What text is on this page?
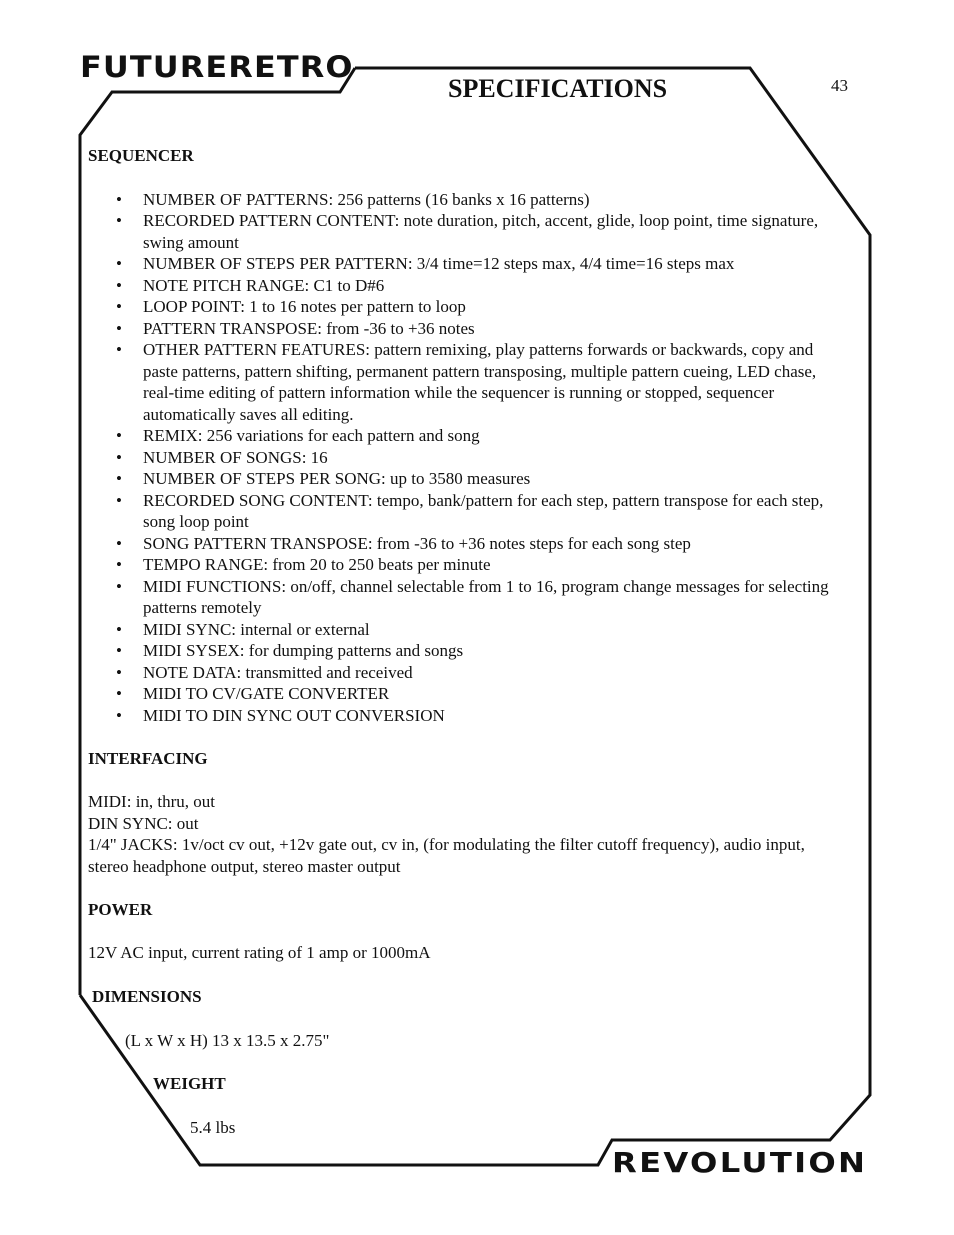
FUTURERETRO
SPECIFICATIONS	43

SEQUENCER

• NUMBER OF PATTERNS: 256 patterns (16 banks x 16 patterns)
• RECORDED PATTERN CONTENT: note duration, pitch, accent, glide, loop point, time signature, swing amount
• NUMBER OF STEPS PER PATTERN: 3/4 time=12 steps max, 4/4 time=16 steps max
• NOTE PITCH RANGE: C1 to D#6
• LOOP POINT: 1 to 16 notes per pattern to loop
• PATTERN TRANSPOSE: from -36 to +36 notes
• OTHER PATTERN FEATURES: pattern remixing, play patterns forwards or backwards, copy and paste patterns, pattern shifting, permanent pattern transposing, multiple pattern cueing, LED chase, real-time editing of pattern information while the sequencer is running or stopped, sequencer automatically saves all editing.
• REMIX: 256 variations for each pattern and song
• NUMBER OF SONGS: 16
• NUMBER OF STEPS PER SONG: up to 3580 measures
• RECORDED SONG CONTENT: tempo, bank/pattern for each step, pattern transpose for each step, song loop point
• SONG PATTERN TRANSPOSE: from -36 to +36 notes steps for each song step
• TEMPO RANGE: from 20 to 250 beats per minute
• MIDI FUNCTIONS: on/off, channel selectable from 1 to 16, program change messages for selecting patterns remotely
• MIDI SYNC: internal or external
• MIDI SYSEX: for dumping patterns and songs
• NOTE DATA: transmitted and received
• MIDI TO CV/GATE CONVERTER
• MIDI TO DIN SYNC OUT CONVERSION

INTERFACING

MIDI: in, thru, out

DIN SYNC: out

1/4" JACKS: 1v/oct cv out, +12v gate out, cv in, (for modulating the filter cutoff frequency), audio input, stereo headphone output, stereo master output

POWER

12V AC input, current rating of 1 amp or 1000mA

DIMENSIONS
(L x W x H) 13 x 13.5 x 2.75"
WEIGHT
5.4 lbs
REVOLUTION
